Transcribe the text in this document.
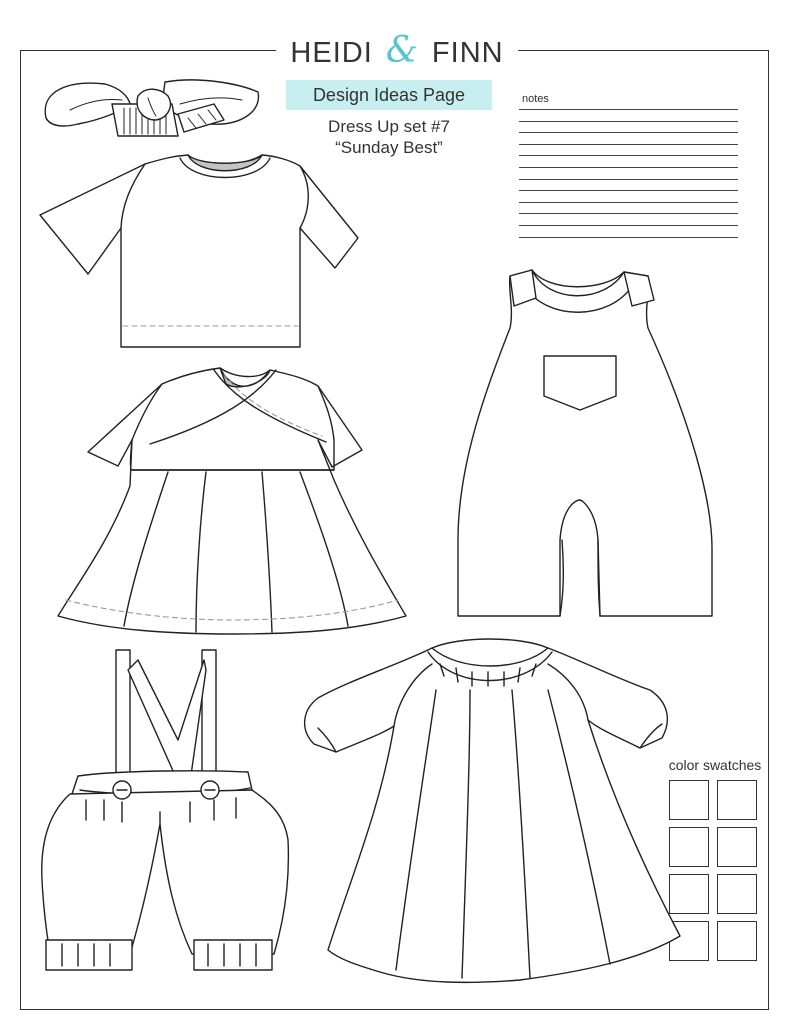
HEIDI & FINN
Design Ideas Page
Dress Up set #7
“Sunday Best”
notes
color swatches
